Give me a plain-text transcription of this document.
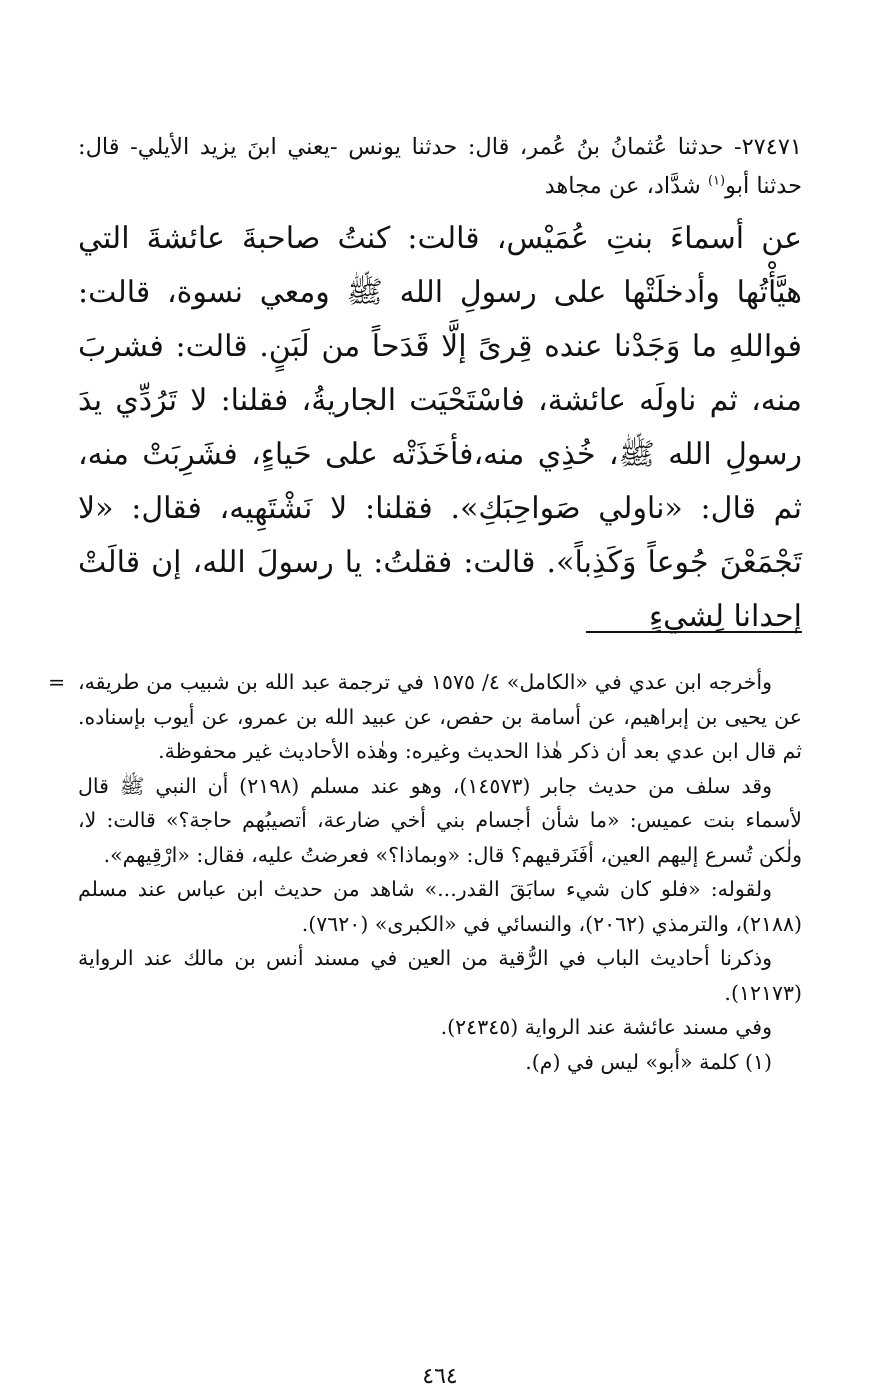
٢٧٤٧١- حدثنا عُثمانُ بنُ عُمر، قال: حدثنا يونس -يعني ابنَ يزيد الأيلي- قال: حدثنا أبو$^{(١)}$ شدَّاد، عن مجاهد

عن أسماءَ بنتِ عُمَيْس، قالت: كنتُ صاحبةَ عائشةَ التي هيَّأْتُها وأدخلَتْها على رسولِ الله ﷺ ومعي نسوة، قالت: فواللهِ ما وَجَدْنا عنده قِرىً إلَّا قَدَحاً من لَبَنٍ. قالت: فشربَ منه، ثم ناولَه عائشة، فاسْتَحْيَت الجاريةُ، فقلنا: لا تَرُدِّي يدَ رسولِ الله ﷺ، خُذِي منه،فأخَذَتْه على حَياءٍ، فشَرِبَتْ منه، ثم قال: «ناولي صَواحِبَكِ». فقلنا: لا نَشْتَهِيه، فقال: «لا تَجْمَعْنَ جُوعاً وَكَذِباً». قالت: فقلتُ: يا رسولَ الله، إن قالَتْ إحدانا لِشيءٍ

وأخرجه ابن عدي في «الكامل» ٤/ ١٥٧٥ في ترجمة عبد الله بن شبيب من طريقه، عن يحيى بن إبراهيم، عن أسامة بن حفص، عن عبيد الله بن عمرو، عن أيوب بإسناده. ثم قال ابن عدي بعد أن ذكر هٰذا الحديث وغيره: وهٰذه الأحاديث غير محفوظة.

=

وقد سلف من حديث جابر (١٤٥٧٣)، وهو عند مسلم (٢١٩٨) أن النبي ﷺ قال لأسماء بنت عميس: «ما شأن أجسام بني أخي ضارعة، أتصيبُهم حاجة؟» قالت: لا، ولٰكن تُسرع إليهم العين، أفَنَرقيهم؟ قال: «وبماذا؟» فعرضتُ عليه، فقال: «ارْقِيهم».

ولقوله: «فلو كان شيء سابَقَ القدر...» شاهد من حديث ابن عباس عند مسلم (٢١٨٨)، والترمذي (٢٠٦٢)، والنسائي في «الكبرى» (٧٦٢٠).

وذكرنا أحاديث الباب في الرُّقية من العين في مسند أنس بن مالك عند الرواية (١٢١٧٣).

وفي مسند عائشة عند الرواية (٢٤٣٤٥).

(١) كلمة «أبو» ليس في (م).

٤٦٤
